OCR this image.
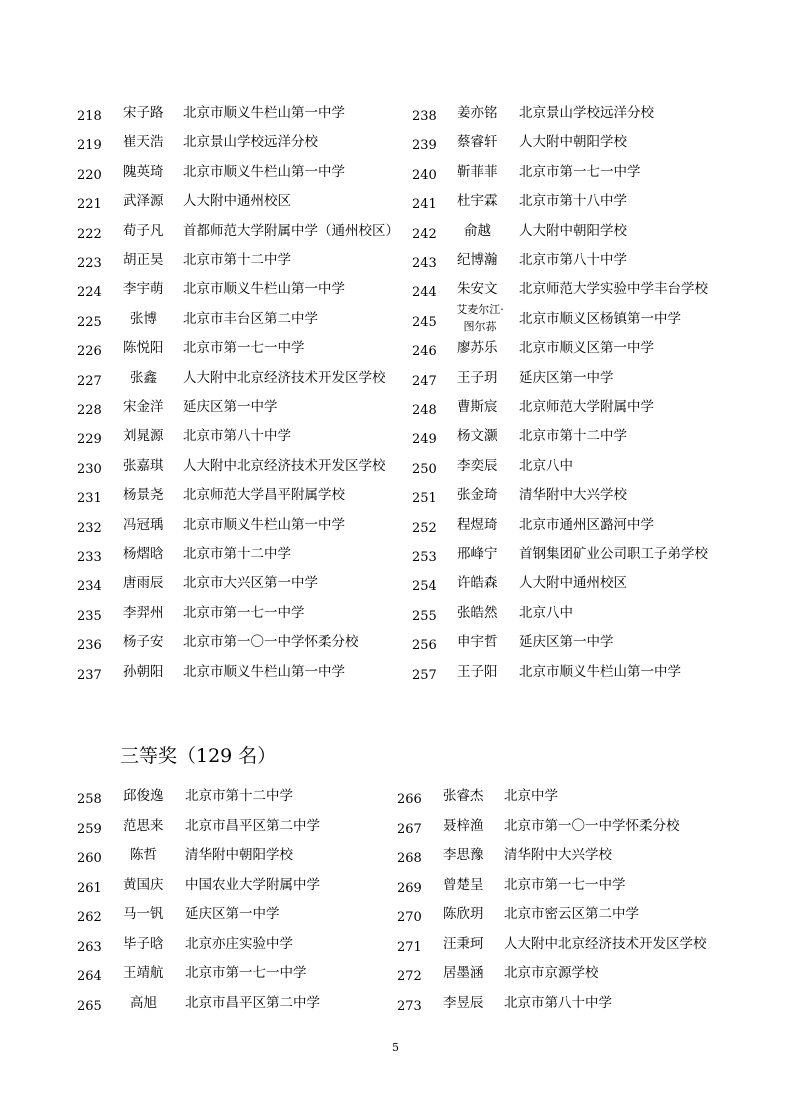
218 宋子路 北京市顺义牛栏山第一中学
219 崔天浩 北京景山学校远洋分校
220 隗英琦 北京市顺义牛栏山第一中学
221 武泽源 人大附中通州校区
222 荀子凡 首都师范大学附属中学（通州校区）
223 胡正昊 北京市第十二中学
224 李宇萌 北京市顺义牛栏山第一中学
225 张博 北京市丰台区第二中学
226 陈悦阳 北京市第一七一中学
227 张鑫 人大附中北京经济技术开发区学校
228 宋金洋 延庆区第一中学
229 刘晁源 北京市第八十中学
230 张嘉琪 人大附中北京经济技术开发区学校
231 杨景尧 北京师范大学昌平附属学校
232 冯冠瑀 北京市顺义牛栏山第一中学
233 杨熠晗 北京市第十二中学
234 唐雨辰 北京市大兴区第一中学
235 李羿州 北京市第一七一中学
236 杨子安 北京市第一〇一中学怀柔分校
237 孙朝阳 北京市顺义牛栏山第一中学
238 姜亦铭 北京景山学校远洋分校
239 蔡睿轩 人大附中朝阳学校
240 靳菲菲 北京市第一七一中学
241 杜宇霖 北京市第十八中学
242 俞越 人大附中朝阳学校
243 纪博瀚 北京市第八十中学
244 朱安文 北京师范大学实验中学丰台学校
245
艾麦尔江·图尔荪	北京市顺义区杨镇第一中学
246 廖苏乐 北京市顺义区第一中学
247 王子玥 延庆区第一中学
248 曹斯宸 北京师范大学附属中学
249 杨文灏 北京市第十二中学
250 李奕辰 北京八中
251 张金琦 清华附中大兴学校
252 程煜琦 北京市通州区潞河中学
253 邢峰宁 首钢集团矿业公司职工子弟学校
254 许皓森 人大附中通州校区
255 张皓然 北京八中
256 申宇哲 延庆区第一中学
257 王子阳 北京市顺义牛栏山第一中学
三等奖（129 名）
258 邱俊逸 北京市第十二中学
259 范思来 北京市昌平区第二中学
260 陈哲 清华附中朝阳学校
261 黄国庆 中国农业大学附属中学
262 马一钒 延庆区第一中学
263 毕子晗 北京亦庄实验中学
264 王靖航 北京市第一七一中学
265 高旭 北京市昌平区第二中学
266 张睿杰 北京中学
267 聂梓渔 北京市第一〇一中学怀柔分校
268 李思豫 清华附中大兴学校
269 曾楚呈 北京市第一七一中学
270 陈欣玥 北京市密云区第二中学
271 汪秉珂 人大附中北京经济技术开发区学校
272 居墨涵 北京市京源学校
273 李昱辰 北京市第八十中学
5
